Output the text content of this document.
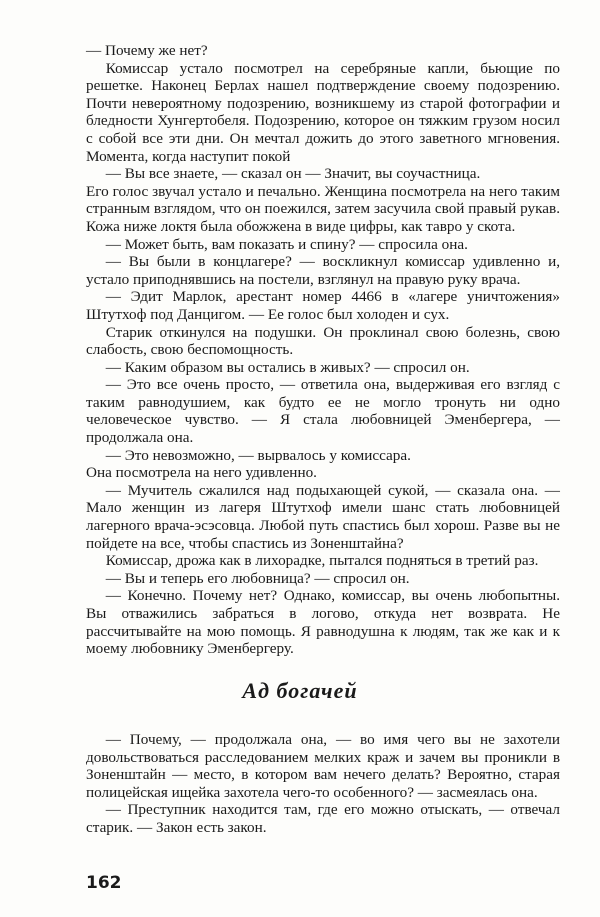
— Почему же нет?

Комиссар устало посмотрел на серебряные капли, бьющие по решетке. Наконец Берлах нашел подтверждение своему подозрению. Почти невероятному подозрению, возникшему из старой фотографии и бледности Хунгертобеля. Подозрению, которое он тяжким грузом носил с собой все эти дни. Он мечтал дожить до этого заветного мгновения. Момента, когда наступит покой

— Вы все знаете, — сказал он — Значит, вы соучастница.

Его голос звучал устало и печально. Женщина посмотрела на него таким странным взглядом, что он поежился, затем засучила свой правый рукав. Кожа ниже локтя была обожжена в виде цифры, как тавро у скота.

— Может быть, вам показать и спину? — спросила она.

— Вы были в концлагере? — воскликнул комиссар удивленно и, устало приподнявшись на постели, взглянул на правую руку врача.

— Эдит Марлок, арестант номер 4466 в «лагере уничтожения» Штутхоф под Данцигом. — Ее голос был холоден и сух.

Старик откинулся на подушки. Он проклинал свою болезнь, свою слабость, свою беспомощность.

— Каким образом вы остались в живых? — спросил он.

— Это все очень просто, — ответила она, выдерживая его взгляд с таким равнодушием, как будто ее не могло тронуть ни одно человеческое чувство. — Я стала любовницей Эменбергера, — продолжала она.

— Это невозможно, — вырвалось у комиссара.

Она посмотрела на него удивленно.

— Мучитель сжалился над подыхающей сукой, — сказала она. — Мало женщин из лагеря Штутхоф имели шанс стать любовницей лагерного врача-эсэсовца. Любой путь спастись был хорош. Разве вы не пойдете на все, чтобы спастись из Зоненштайна?

Комиссар, дрожа как в лихорадке, пытался подняться в третий раз.

— Вы и теперь его любовница? — спросил он.

— Конечно. Почему нет? Однако, комиссар, вы очень любопытны. Вы отважились забраться в логово, откуда нет возврата. Не рассчитывайте на мою помощь. Я равнодушна к людям, так же как и к моему любовнику Эменбергеру.

Ад богачей

— Почему, — продолжала она, — во имя чего вы не захотели довольствоваться расследованием мелких краж и зачем вы проникли в Зоненштайн — место, в котором вам нечего делать? Вероятно, старая полицейская ищейка захотела чего-то особенного? — засмеялась она.

— Преступник находится там, где его можно отыскать, — отвечал старик. — Закон есть закон.

162
